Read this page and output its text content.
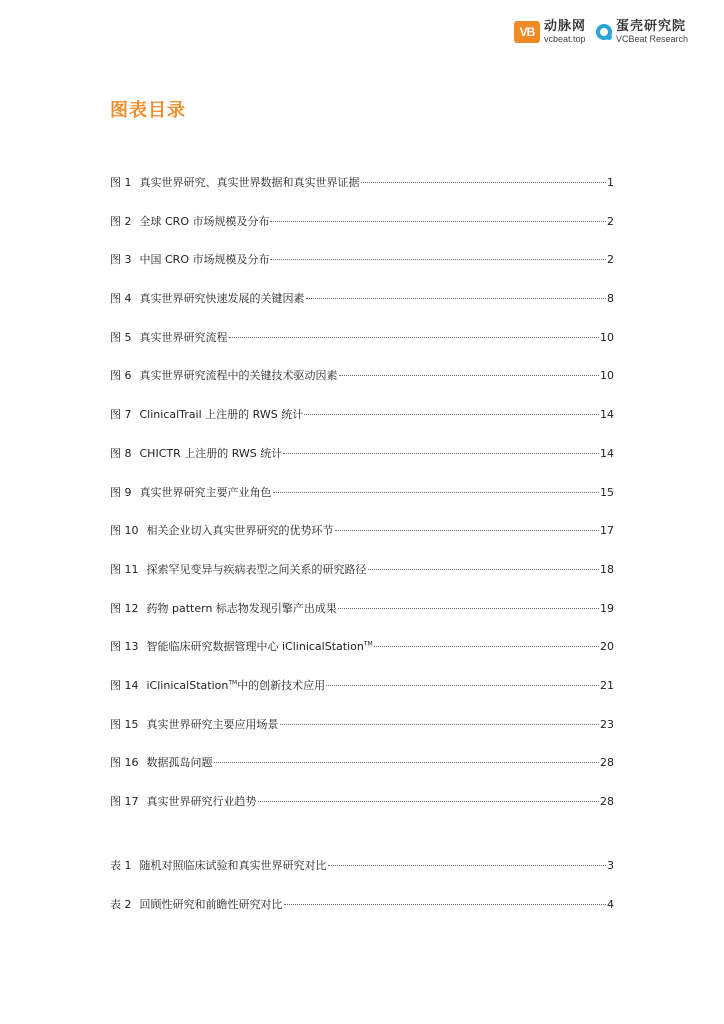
VB 动脉网
vcbeat.top
蛋壳研究院
VCBeat Research
图表目录
图 1 真实世界研究、真实世界数据和真实世界证据	1
图 2 全球 CRO 市场规模及分布	2
图 3 中国 CRO 市场规模及分布	2
图 4 真实世界研究快速发展的关键因素	8
图 5 真实世界研究流程	10
图 6 真实世界研究流程中的关键技术驱动因素	10
图 7 ClinicalTrail 上注册的 RWS 统计	14
图 8 CHICTR 上注册的 RWS 统计	14
图 9 真实世界研究主要产业角色	15
图 10 相关企业切入真实世界研究的优势环节	17
图 11 探索罕见变异与疾病表型之间关系的研究路径	18
图 12 药物 pattern 标志物发现引擎产出成果	19
图 13 智能临床研究数据管理中心 iClinicalStation™	20
图 14 iClinicalStation™中的创新技术应用	21
图 15 真实世界研究主要应用场景	23
图 16 数据孤岛问题	28
图 17 真实世界研究行业趋势	28
表 1 随机对照临床试验和真实世界研究对比	3
表 2 回顾性研究和前瞻性研究对比	4
